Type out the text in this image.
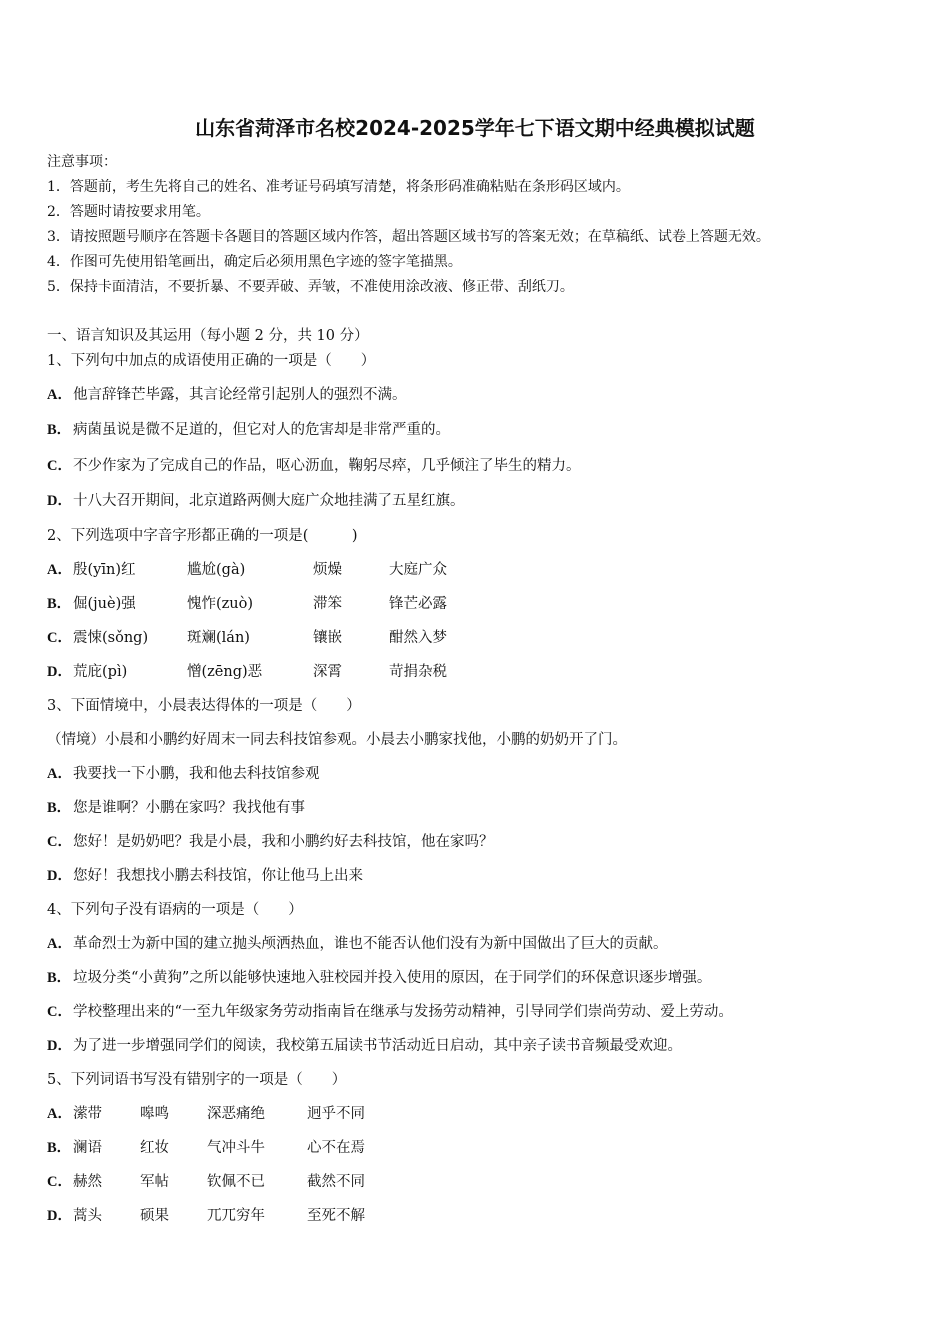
山东省菏泽市名校2024-2025学年七下语文期中经典模拟试题
注意事项：
1．答题前，考生先将自己的姓名、准考证号码填写清楚，将条形码准确粘贴在条形码区域内。
2．答题时请按要求用笔。
3．请按照题号顺序在答题卡各题目的答题区域内作答，超出答题区域书写的答案无效；在草稿纸、试卷上答题无效。
4．作图可先使用铅笔画出，确定后必须用黑色字迹的签字笔描黑。
5．保持卡面清洁，不要折暴、不要弄破、弄皱，不准使用涂改液、修正带、刮纸刀。
一、语言知识及其运用（每小题 2 分，共 10 分）
1、下列句中加点的成语使用正确的一项是（　　）
A．他言辞锋芒毕露，其言论经常引起别人的强烈不满。
B． 病菌虽说是微不足道的，但它对人的危害却是非常严重的。
C．不少作家为了完成自己的作品，呕心沥血，鞠躬尽瘁，几乎倾注了毕生的精力。
D．十八大召开期间，北京道路两侧大庭广众地挂满了五星红旗。
2、下列选项中字音字形都正确的一项是(　　　)
A． 殷(yīn)红	尴尬(gà)	烦燥	大庭广众
B． 倔(juè)强	愧怍(zuò)	滞笨	锋芒必露
C． 震悚(sǒng)	斑斓(lán)	镶嵌	酣然入梦
D． 荒庇(pì)	憎(zēng)恶	深霄	苛捐杂税
3、下面情境中，小晨表达得体的一项是（　　）
（情境）小晨和小鹏约好周末一同去科技馆参观。小晨去小鹏家找他，小鹏的奶奶开了门。
A．我要找一下小鹏，我和他去科技馆参观
B． 您是谁啊？小鹏在家吗？我找他有事
C．您好！是奶奶吧？我是小晨，我和小鹏约好去科技馆，他在家吗？
D．您好！我想找小鹏去科技馆，你让他马上出来
4、下列句子没有语病的一项是（　　）
A．革命烈士为新中国的建立抛头颅洒热血，谁也不能否认他们没有为新中国做出了巨大的贡献。
B． 垃圾分类“小黄狗”之所以能够快速地入驻校园并投入使用的原因，在于同学们的环保意识逐步增强。
C．学校整理出来的“一至九年级家务劳动指南旨在继承与发扬劳动精神，引导同学们崇尚劳动、爱上劳动。
D．为了进一步增强同学们的阅读，我校第五届读书节活动近日启动，其中亲子读书音频最受欢迎。
5、下列词语书写没有错别字的一项是（　　）
A． 潆带	嗥鸣	深恶痛绝	迥乎不同
B． 澜语	红妆	气冲斗牛	心不在焉
C． 赫然	军帖	钦佩不已	截然不同
D． 蒿头	硕果	兀兀穷年	至死不解
